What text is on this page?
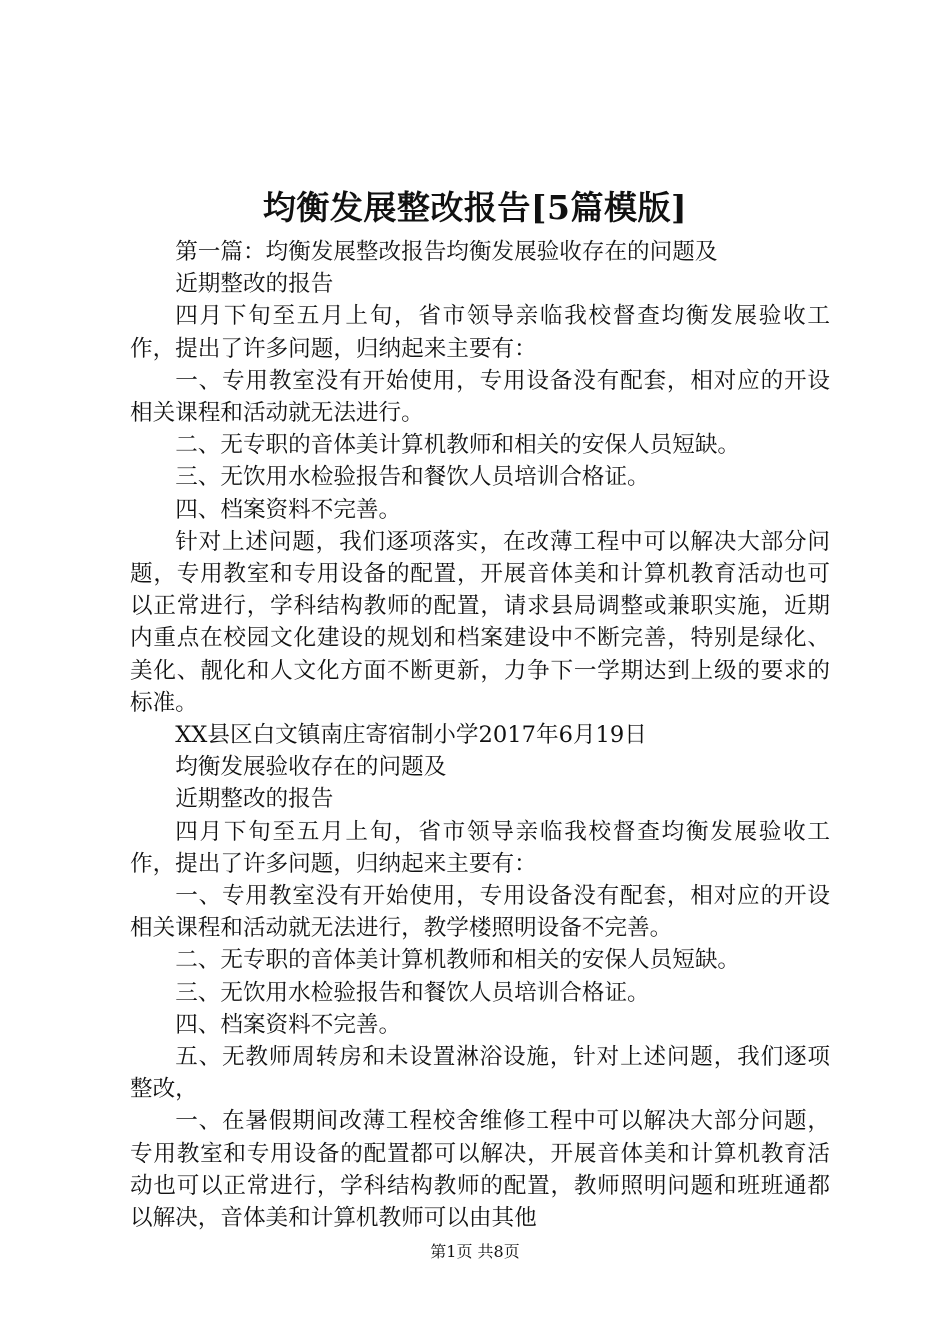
均衡发展整改报告[5篇模版]

第一篇：均衡发展整改报告均衡发展验收存在的问题及

近期整改的报告

四月下旬至五月上旬，省市领导亲临我校督查均衡发展验收工作，提出了许多问题，归纳起来主要有：

一、专用教室没有开始使用，专用设备没有配套，相对应的开设相关课程和活动就无法进行。

二、无专职的音体美计算机教师和相关的安保人员短缺。

三、无饮用水检验报告和餐饮人员培训合格证。

四、档案资料不完善。

针对上述问题，我们逐项落实，在改薄工程中可以解决大部分问题，专用教室和专用设备的配置，开展音体美和计算机教育活动也可以正常进行，学科结构教师的配置，请求县局调整或兼职实施，近期内重点在校园文化建设的规划和档案建设中不断完善，特别是绿化、美化、靓化和人文化方面不断更新，力争下一学期达到上级的要求的标准。

XX县区白文镇南庄寄宿制小学2017年6月19日

均衡发展验收存在的问题及

近期整改的报告

四月下旬至五月上旬，省市领导亲临我校督查均衡发展验收工作，提出了许多问题，归纳起来主要有：

一、专用教室没有开始使用，专用设备没有配套，相对应的开设相关课程和活动就无法进行，教学楼照明设备不完善。

二、无专职的音体美计算机教师和相关的安保人员短缺。

三、无饮用水检验报告和餐饮人员培训合格证。

四、档案资料不完善。

五、无教师周转房和未设置淋浴设施，针对上述问题，我们逐项整改，

一、在暑假期间改薄工程校舍维修工程中可以解决大部分问题，专用教室和专用设备的配置都可以解决，开展音体美和计算机教育活动也可以正常进行，学科结构教师的配置，教师照明问题和班班通都以解决，音体美和计算机教师可以由其他

第1页 共8页
